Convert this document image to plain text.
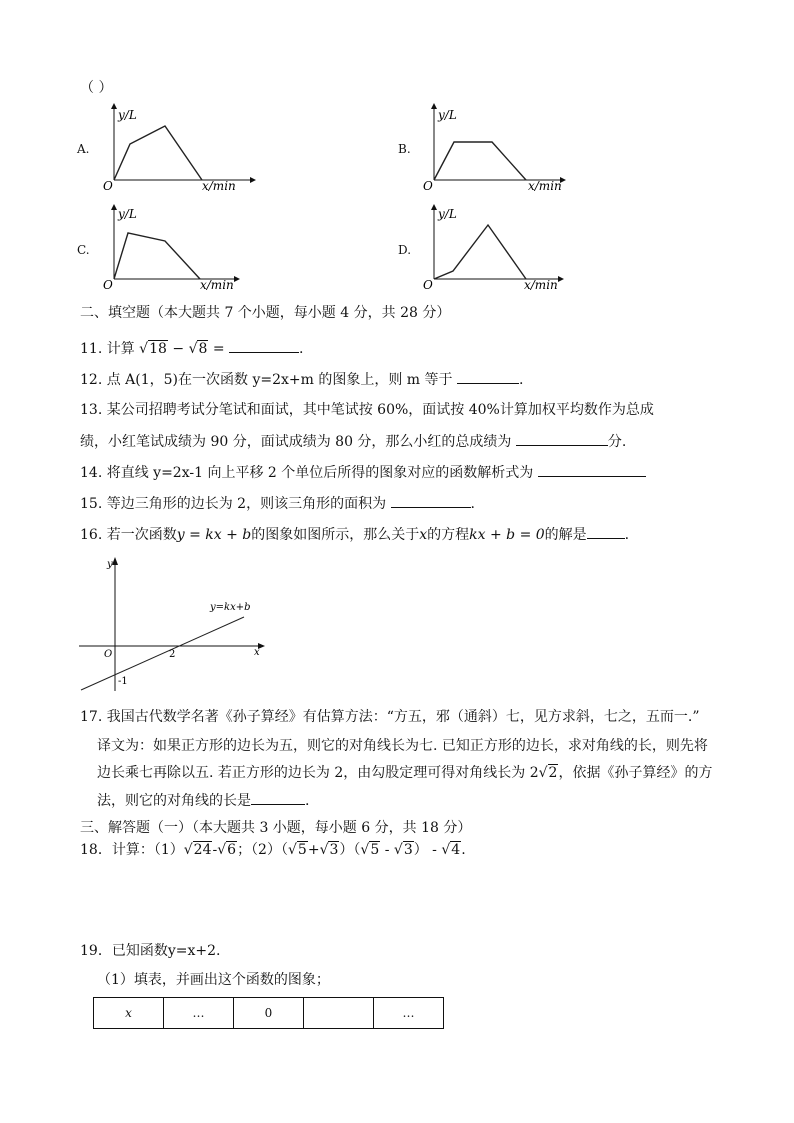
（ ）
A.	B.
C.	D.
y/L
O	x/min
y/L
O	x/min
y/L
O	x/min
y/L
O	x/min
二、填空题（本大题共 7 个小题，每小题 4 分，共 28 分）
11. 计算 √18 − √8 =	.
12. 点 A(1，5)在一次函数 y=2x+m 的图象上，则 m 等于	.
13. 某公司招聘考试分笔试和面试，其中笔试按 60%，面试按 40%计算加权平均数作为总成
绩，小红笔试成绩为 90 分，面试成绩为 80 分，那么小红的总成绩为	分.
14. 将直线 y=2x-1 向上平移 2 个单位后所得的图象对应的函数解析式为
15. 等边三角形的边长为 2，则该三角形的面积为	.
16. 若一次函数y = kx + b的图象如图所示，那么关于x的方程kx + b = 0的解是	.
y
x
O	2
-1
y=kx+b
17. 我国古代数学名著《孙子算经》有估算方法：“方五，邪（通斜）七，见方求斜，七之，五而一.”
译文为：如果正方形的边长为五，则它的对角线长为七. 已知正方形的边长，求对角线的长，则先将
边长乘七再除以五. 若正方形的边长为 2，由勾股定理可得对角线长为 2√2，依据《孙子算经》的方
法，则它的对角线的长是	.
三、解答题（一）（本大题共 3 小题，每小题 6 分，共 18 分）
18．计算：（1）√24-√6；（2）（√5+√3）（√5 - √3） - √4.
19．已知函数y=x+2.
（1）填表，并画出这个函数的图象；
x	…	0		…
